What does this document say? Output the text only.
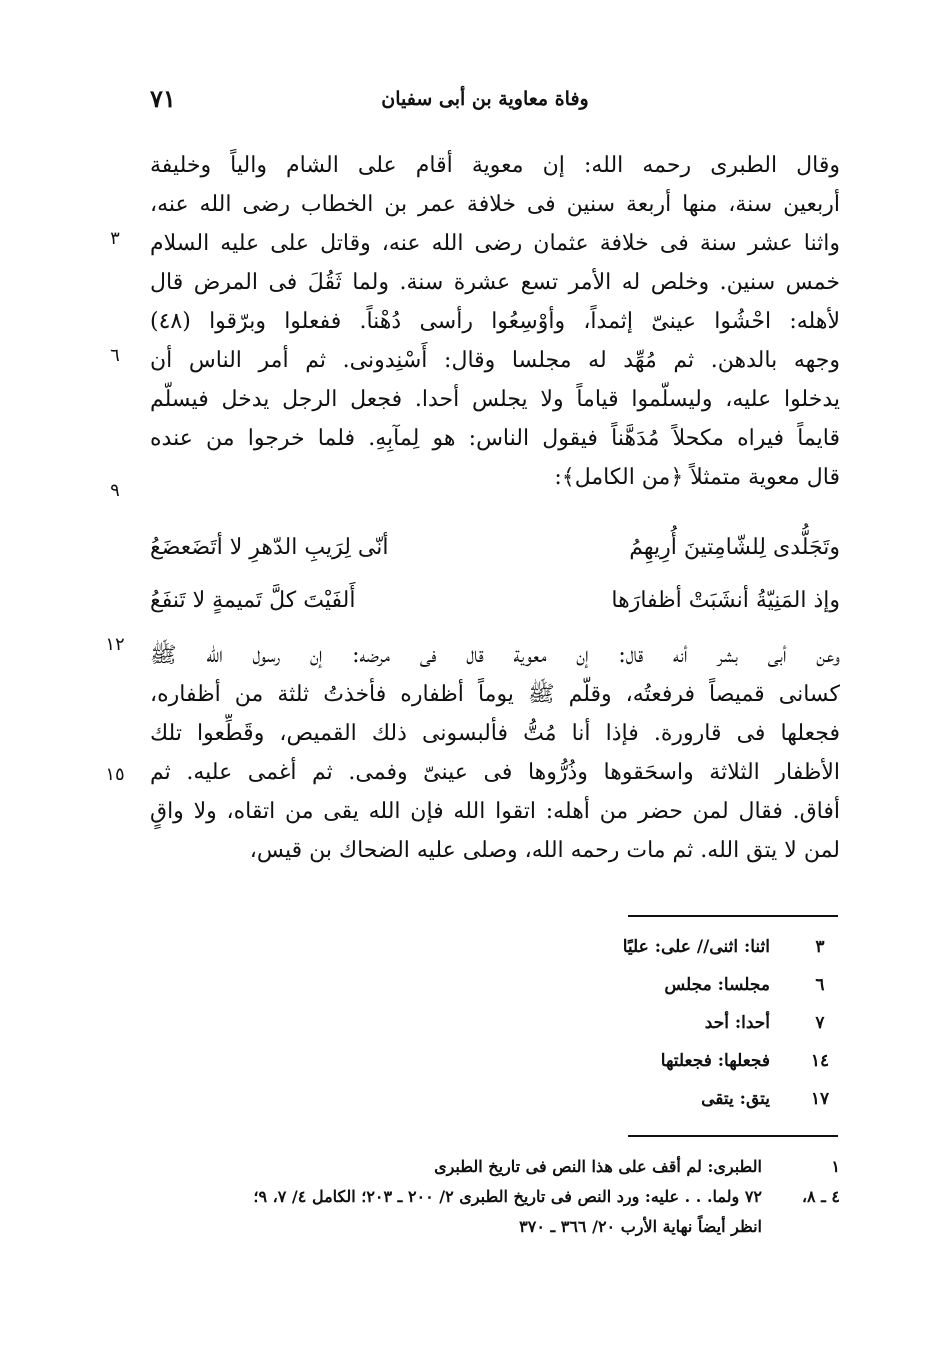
وفاة معاوية بن أبى سفيان
٧١
وقال الطبرى رحمه الله: إن معوية أقام على الشام والياً وخليفة
أربعين سنة، منها أربعة سنين فى خلافة عمر بن الخطاب رضى الله عنه،
واثنا عشر سنة فى خلافة عثمان رضى الله عنه، وقاتل على عليه السلام
خمس سنين. وخلص له الأمر تسع عشرة سنة. ولما ثَقُلَ فى المرض قال
لأهله: احْشُوا عينىّ إثمداً، وأوْسِعُوا رأسى دُهْناً. ففعلوا وبرّقوا (٤٨)
وجهه بالدهن. ثم مُهِّد له مجلسا وقال: أَسْنِدونى. ثم أمر الناس أن
يدخلوا عليه، وليسلّموا قياماً ولا يجلس أحدا. فجعل الرجل يدخل فيسلّم
قايماً فيراه مكحلاً مُدَهَّناً فيقول الناس: هو لِمآبِهِ. فلما خرجوا من عنده
قال معوية متمثلاً ﴿من الكامل﴾:
وتَجَلُّدى لِلشّامِتينَ أُرِيهِمُ
أنّى لِرَيبِ الدّهرِ لا أتَضَعضَعُ
وإذ المَنِيّةُ أنشَبَتْ أظفارَها
أَلفَيْتَ كلَّ تَميمةٍ لا تَنفَعُ
وعن أبى بشر أنه قال: إن معوية قال فى مرضه: إن رسول الله ﷺ
كسانى قميصاً فرفعتُه، وقلّم ﷺ يوماً أظفاره فأخذتُ ثلثة من أظفاره،
فجعلها فى قارورة. فإذا أنا مُتُّ فألبسونى ذلك القميص، وقَطِّعوا تلك
الأظفار الثلاثة واسحَقوها وذُرُّوها فى عينىّ وفمى. ثم أغمى عليه. ثم
أفاق. فقال لمن حضر من أهله: اتقوا الله فإن الله يقى من اتقاه، ولا واقٍ
لمن لا يتق الله. ثم مات رحمه الله، وصلى عليه الضحاك بن قيس،
٣
٦
٩
١٢
١٥
٣
اثنا: اثنى// على: عليًا
٦
مجلسا: مجلس
٧
أحدا: أحد
١٤
فجعلها: فجعلتها
١٧
يتق: يتقى
١
الطبرى: لم أقف على هذا النص فى تاريخ الطبرى
٤ ـ ٨،
٧٢ ولما. . . عليه: ورد النص فى تاريخ الطبرى ٢/ ٢٠٠ ـ ٢٠٣؛ الكامل ٤/ ٧، ٩؛
انظر أيضاً نهاية الأرب ٢٠/ ٣٦٦ ـ ٣٧٠
